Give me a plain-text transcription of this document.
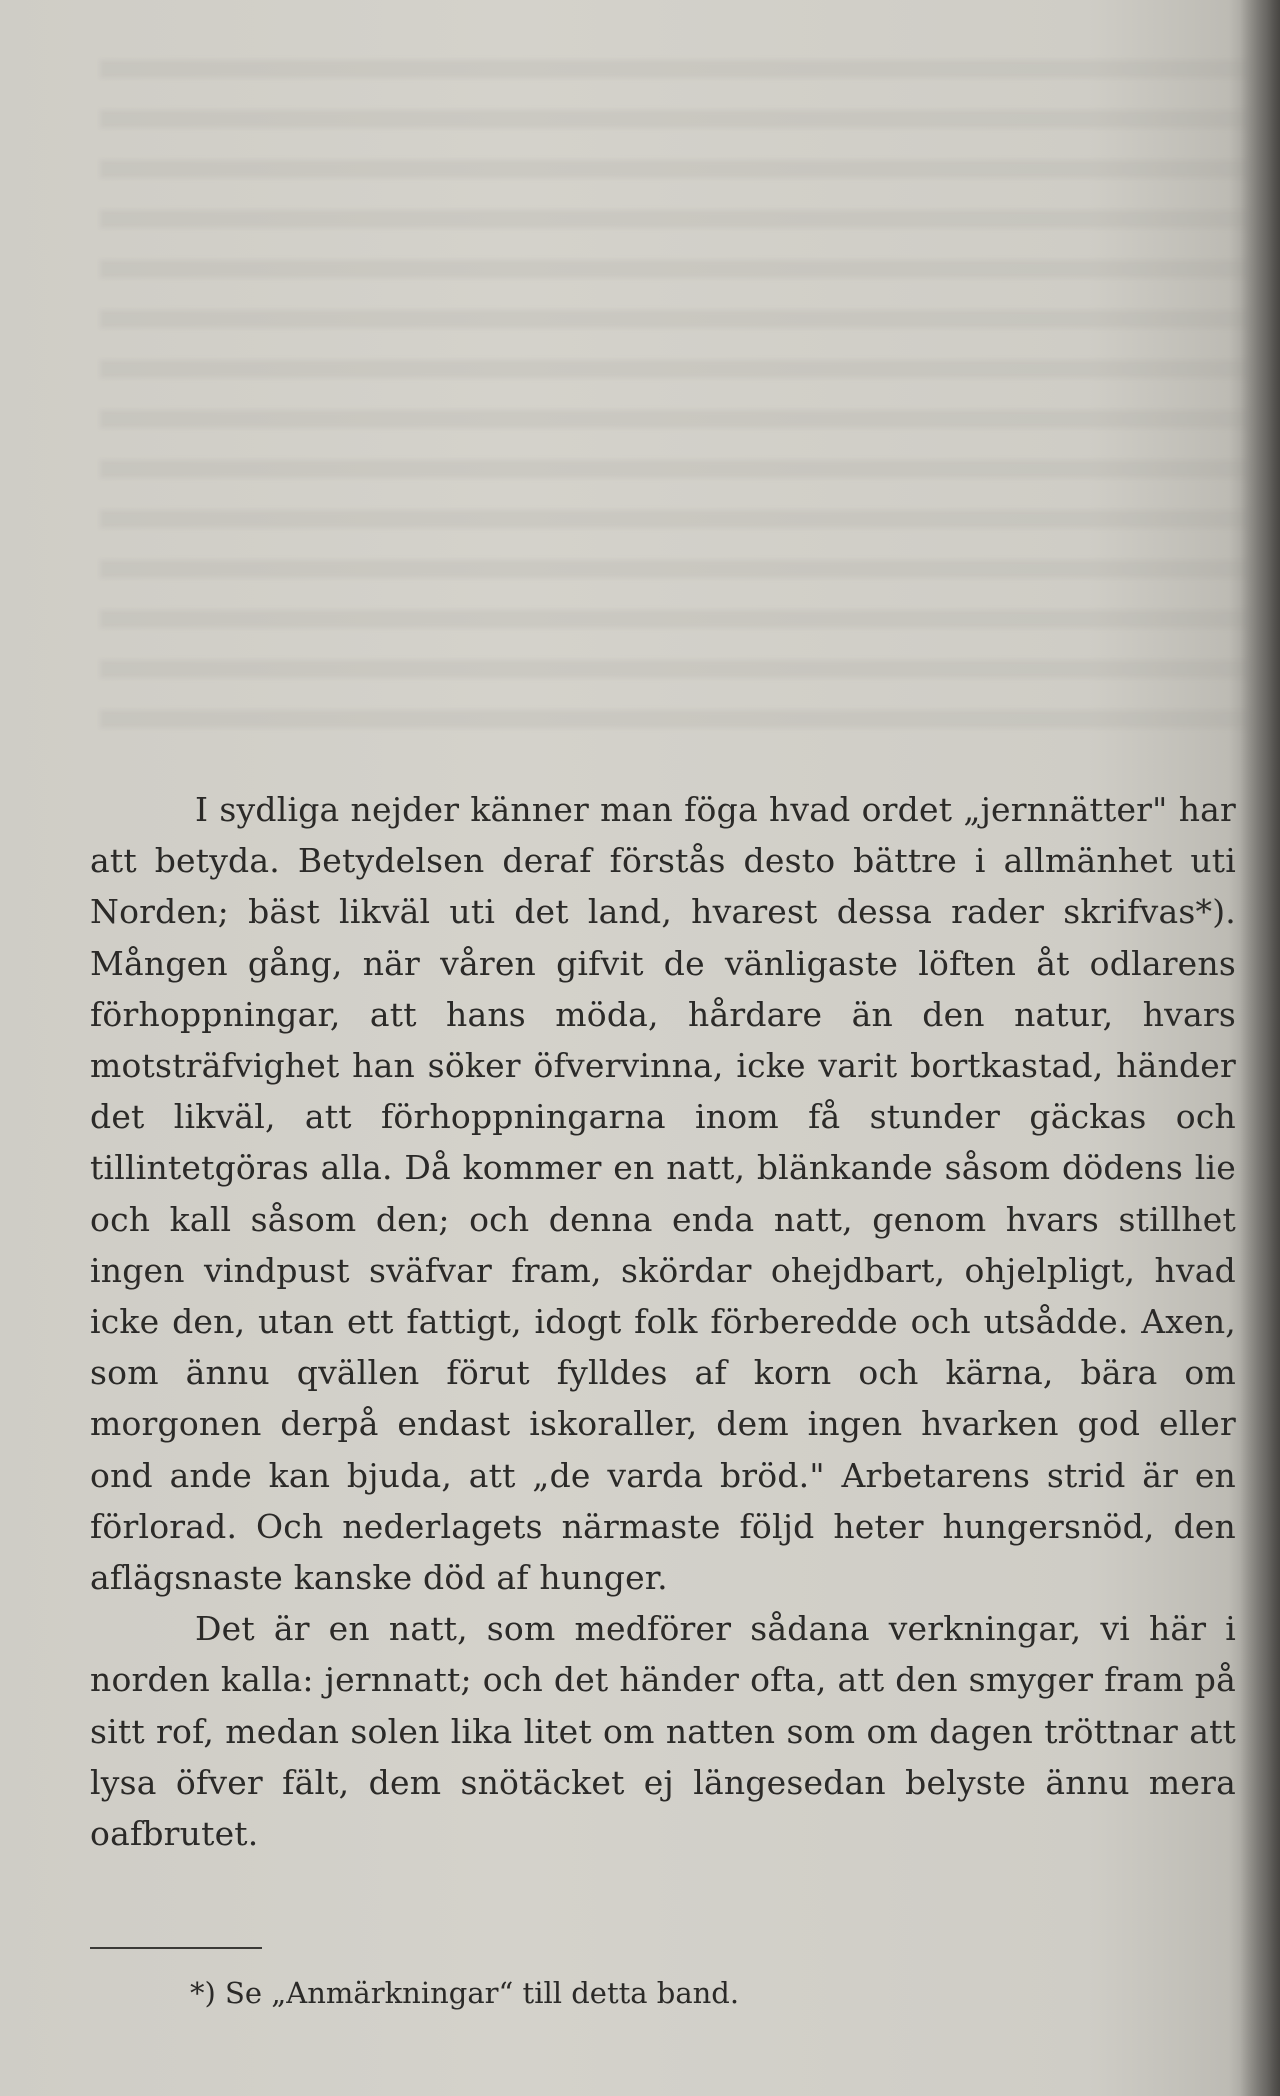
I sydliga nejder känner man föga hvad ordet „jernnätter" har att betyda. Betydelsen deraf förstås desto bättre i allmänhet uti Norden; bäst likväl uti det land, hvarest dessa rader skrifvas*). Mången gång, när våren gifvit de vänligaste löften åt odlarens förhoppningar, att hans möda, hårdare än den natur, hvars motsträfvighet han söker öfvervinna, icke varit bortkastad, händer det likväl, att förhoppningarna inom få stunder gäckas och tillintetgöras alla. Då kommer en natt, blänkande såsom dödens lie och kall såsom den; och denna enda natt, genom hvars stillhet ingen vindpust sväfvar fram, skördar ohejdbart, ohjelpligt, hvad icke den, utan ett fattigt, idogt folk förberedde och utsådde. Axen, som ännu qvällen förut fylldes af korn och kärna, bära om morgonen derpå endast iskoraller, dem ingen hvarken god eller ond ande kan bjuda, att „de varda bröd." Arbetarens strid är en förlorad. Och nederlagets närmaste följd heter hungersnöd, den aflägsnaste kanske död af hunger.

Det är en natt, som medförer sådana verkningar, vi här i norden kalla: jernnatt; och det händer ofta, att den smyger fram på sitt rof, medan solen lika litet om natten som om dagen tröttnar att lysa öfver fält, dem snötäcket ej längesedan belyste ännu mera oafbrutet.

*) Se „Anmärkningar“ till detta band.
